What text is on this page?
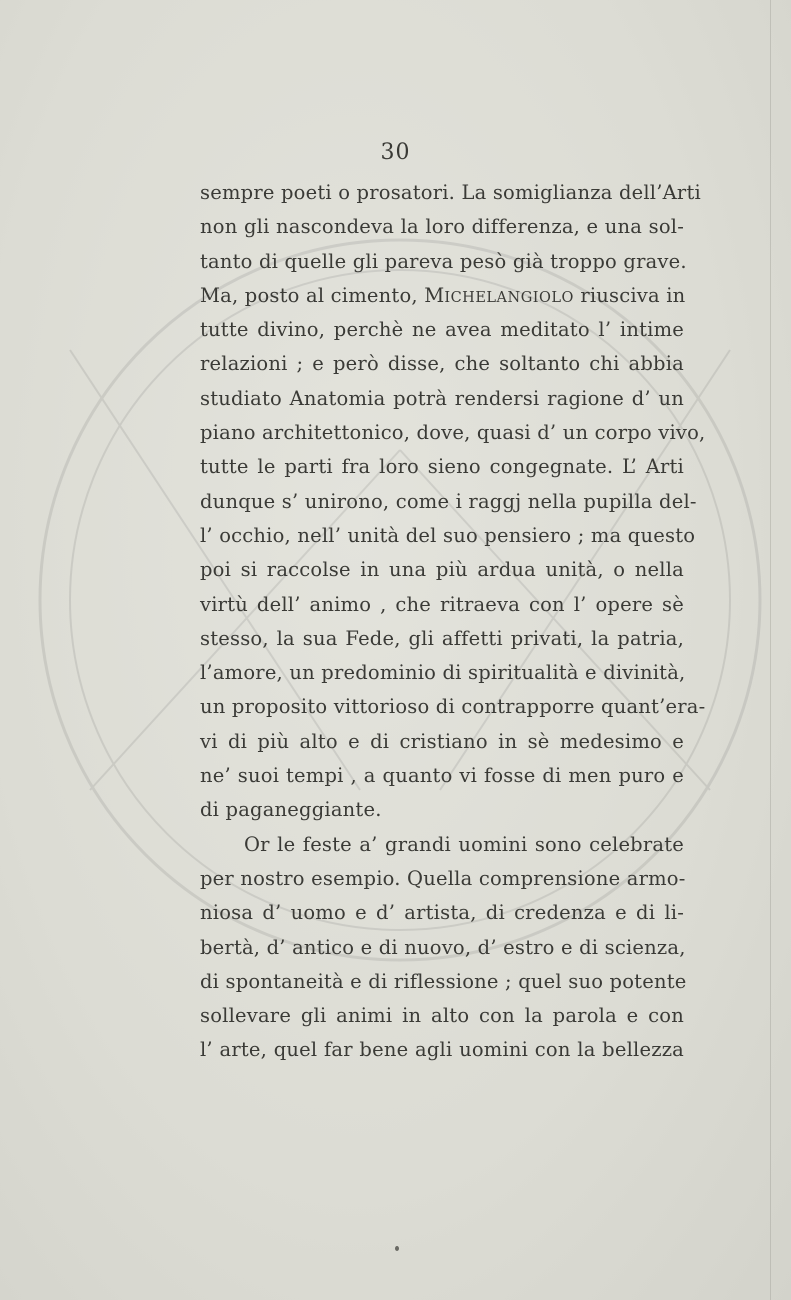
30
sempre poeti o prosatori. La somiglianza dell’Arti
non gli nascondeva la loro differenza, e una sol-
tanto di quelle gli pareva pesò già troppo grave.
Ma, posto al cimento, MICHELANGIOLO riusciva in
tutte divino, perchè ne avea meditato l’ intime
relazioni ; e però disse, che soltanto chi abbia
studiato Anatomia potrà rendersi ragione d’ un
piano architettonico, dove, quasi d’ un corpo vivo,
tutte le parti fra loro sieno congegnate. L’ Arti
dunque s’ unirono, come i raggj nella pupilla del-
l’ occhio, nell’ unità del suo pensiero ; ma questo
poi si raccolse in una più ardua unità, o nella
virtù dell’ animo , che ritraeva con l’ opere sè
stesso, la sua Fede, gli affetti privati, la patria,
l’amore, un predominio di spiritualità e divinità,
un proposito vittorioso di contrapporre quant’era-
vi di più alto e di cristiano in sè medesimo e
ne’ suoi tempi , a quanto vi fosse di men puro e
di paganeggiante.
Or le feste a’ grandi uomini sono celebrate
per nostro esempio. Quella comprensione armo-
niosa d’ uomo e d’ artista, di credenza e di li-
bertà, d’ antico e di nuovo, d’ estro e di scienza,
di spontaneità e di riflessione ; quel suo potente
sollevare gli animi in alto con la parola e con
l’ arte, quel far bene agli uomini con la bellezza
